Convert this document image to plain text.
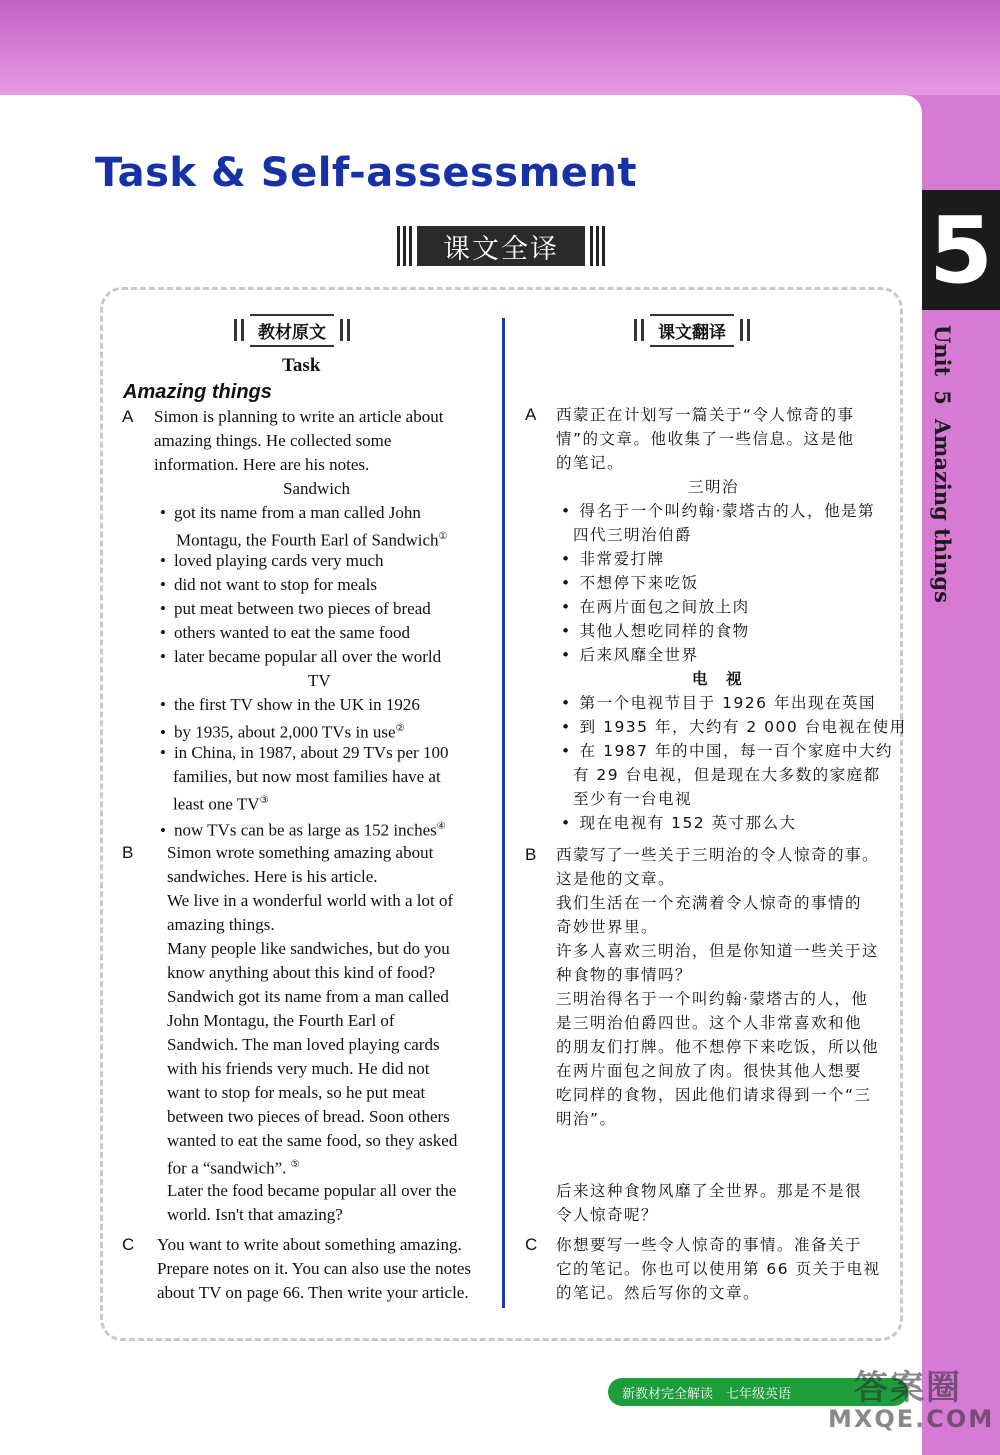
5
Unit5Amazing things
Task & Self-assessment
课文全译
教材原文	课文翻译
Task
Amazing things
A Simon is planning to write an article about
amazing things. He collected some
information. Here are his notes.
Sandwich
• got its name from a man called John
Montagu, the Fourth Earl of Sandwich①
• loved playing cards very much
• did not want to stop for meals
• put meat between two pieces of bread
• others wanted to eat the same food
• later became popular all over the world
TV
• the first TV show in the UK in 1926
• by 1935, about 2,000 TVs in use②
• in China, in 1987, about 29 TVs per 100
families, but now most families have at
least one TV③
• now TVs can be as large as 152 inches④
B Simon wrote something amazing about
sandwiches. Here is his article.
We live in a wonderful world with a lot of
amazing things.
Many people like sandwiches, but do you
know anything about this kind of food?
Sandwich got its name from a man called
John Montagu, the Fourth Earl of
Sandwich. The man loved playing cards
with his friends very much. He did not
want to stop for meals, so he put meat
between two pieces of bread. Soon others
wanted to eat the same food, so they asked
for a “sandwich”. ⑤
Later the food became popular all over the
world. Isn't that amazing?
C You want to write about something amazing.
Prepare notes on it. You can also use the notes
about TV on page 66. Then write your article.
A 西蒙正在计划写一篇关于“令人惊奇的事
情”的文章。他收集了一些信息。这是他
的笔记。
三明治
• 得名于一个叫约翰·蒙塔古的人，他是第
四代三明治伯爵
• 非常爱打牌
• 不想停下来吃饭
• 在两片面包之间放上肉
• 其他人想吃同样的食物
• 后来风靡全世界
电　视
• 第一个电视节目于 1926 年出现在英国
• 到 1935 年，大约有 2 000 台电视在使用
• 在 1987 年的中国，每一百个家庭中大约
有 29 台电视，但是现在大多数的家庭都
至少有一台电视
• 现在电视有 152 英寸那么大
B 西蒙写了一些关于三明治的令人惊奇的事。
这是他的文章。
我们生活在一个充满着令人惊奇的事情的
奇妙世界里。
许多人喜欢三明治，但是你知道一些关于这
种食物的事情吗？
三明治得名于一个叫约翰·蒙塔古的人，他
是三明治伯爵四世。这个人非常喜欢和他
的朋友们打牌。他不想停下来吃饭，所以他
在两片面包之间放了肉。很快其他人想要
吃同样的食物，因此他们请求得到一个“三
明治”。
后来这种食物风靡了全世界。那是不是很
令人惊奇呢？
C 你想要写一些令人惊奇的事情。准备关于
它的笔记。你也可以使用第 66 页关于电视
的笔记。然后写你的文章。
新教材完全解读　七年级英语	答案圈
MXQE.COM
